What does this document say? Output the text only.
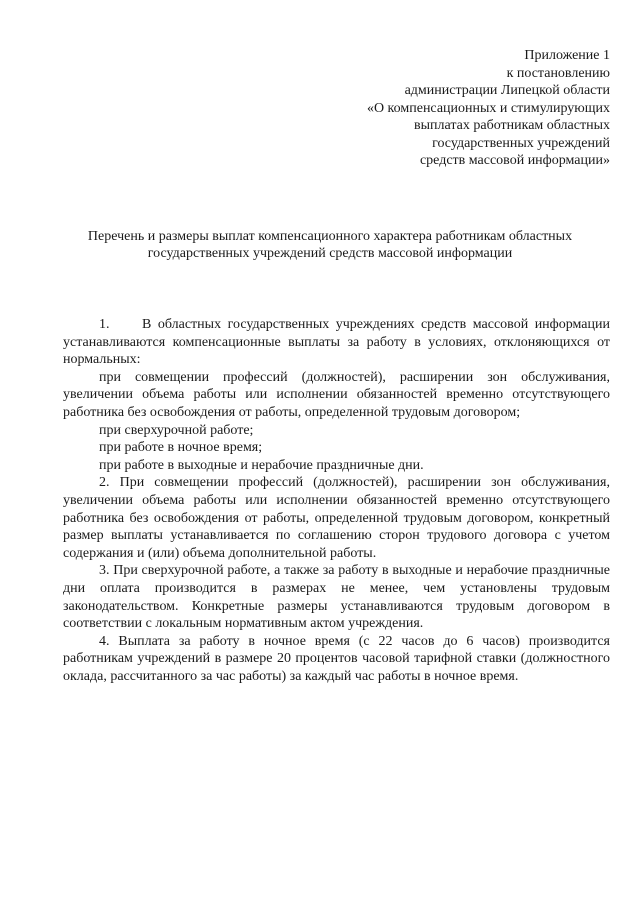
Приложение 1
к постановлению
администрации Липецкой области
«О компенсационных и стимулирующих
выплатах работникам областных
государственных учреждений
средств массовой информации»
Перечень и размеры выплат компенсационного характера работникам областных
государственных учреждений средств массовой информации

1.     В областных государственных учреждениях средств массовой информации устанавливаются компенсационные выплаты за работу в условиях, отклоняющихся от нормальных:

при совмещении профессий (должностей), расширении зон обслуживания, увеличении объема работы или исполнении обязанностей временно отсутствующего работника без освобождения от работы, определенной трудовым договором;

при сверхурочной работе;

при работе в ночное время;

при работе в выходные и нерабочие праздничные дни.

2. При совмещении профессий (должностей), расширении зон обслуживания, увеличении объема работы или исполнении обязанностей временно отсутствующего работника без освобождения от работы, определенной трудовым договором, конкретный размер выплаты устанавливается по соглашению сторон трудового договора с учетом содержания и (или) объема дополнительной работы.

3. При сверхурочной работе, а также за работу в выходные и нерабочие праздничные дни оплата производится в размерах не менее, чем установлены трудовым законодательством. Конкретные размеры устанавливаются трудовым договором в соответствии с локальным нормативным актом учреждения.

4. Выплата за работу в ночное время (с 22 часов до 6 часов) производится работникам учреждений в размере 20 процентов часовой тарифной ставки (должностного оклада, рассчитанного за час работы) за каждый час работы в ночное время.
